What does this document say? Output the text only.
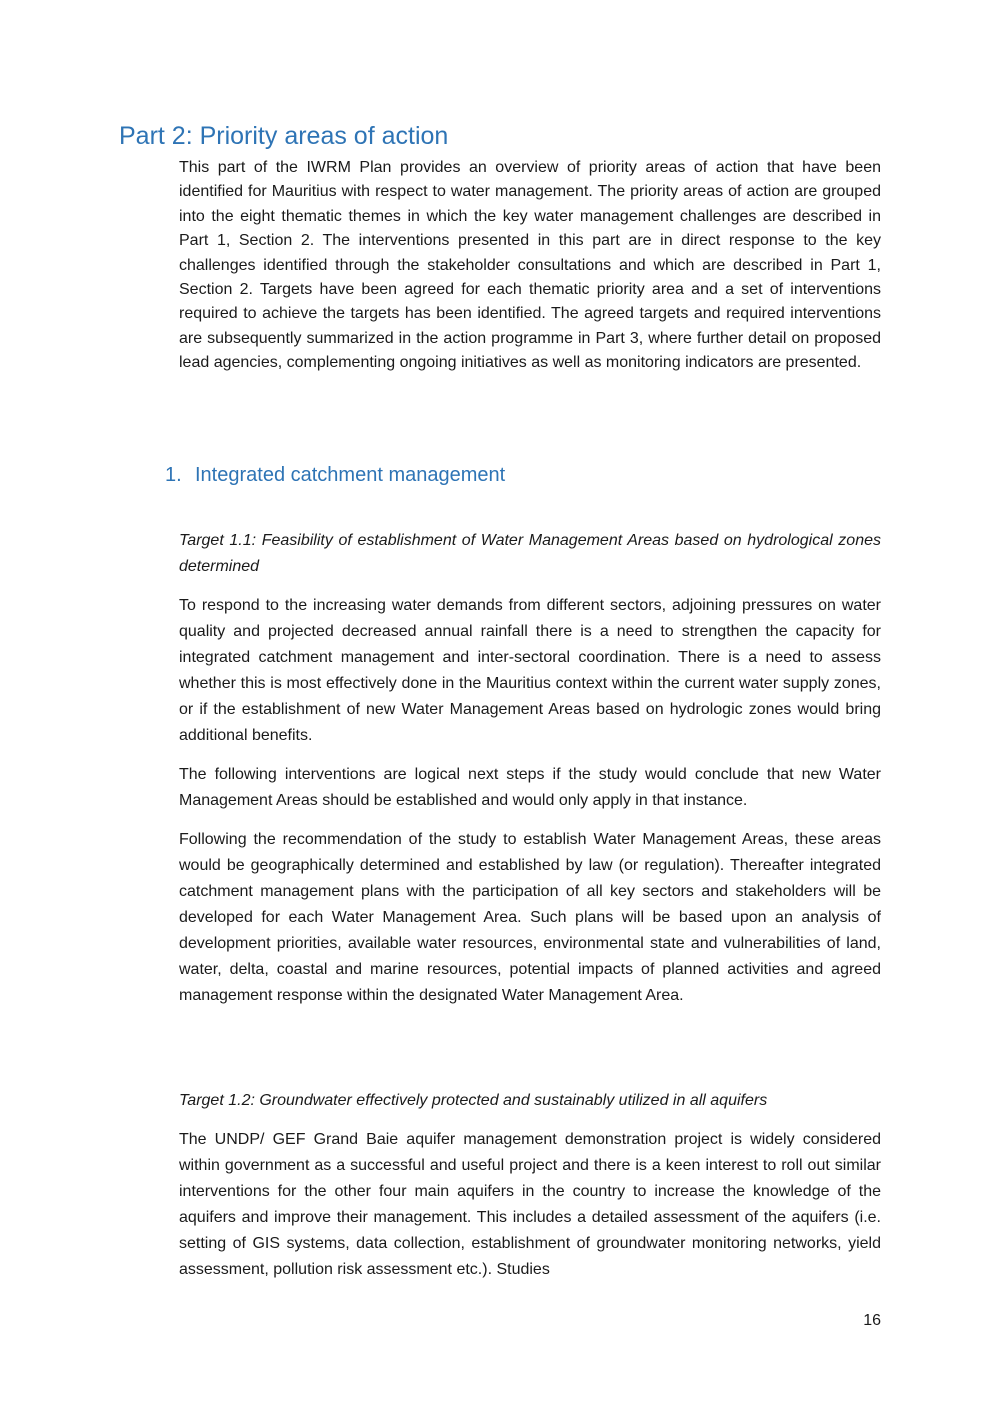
Part 2: Priority areas of action

This part of the IWRM Plan provides an overview of priority areas of action that have been identified for Mauritius with respect to water management. The priority areas of action are grouped into the eight thematic themes in which the key water management challenges are described in Part 1, Section 2. The interventions presented in this part are in direct response to the key challenges identified through the stakeholder consultations and which are described in Part 1, Section 2. Targets have been agreed for each thematic priority area and a set of interventions required to achieve the targets has been identified. The agreed targets and required interventions are subsequently summarized in the action programme in Part 3, where further detail on proposed lead agencies, complementing ongoing initiatives as well as monitoring indicators are presented.

1. Integrated catchment management

Target 1.1: Feasibility of establishment of Water Management Areas based on hydrological zones determined

To respond to the increasing water demands from different sectors, adjoining pressures on water quality and projected decreased annual rainfall there is a need to strengthen the capacity for integrated catchment management and inter-sectoral coordination. There is a need to assess whether this is most effectively done in the Mauritius context within the current water supply zones, or if the establishment of new Water Management Areas based on hydrologic zones would bring additional benefits.

The following interventions are logical next steps if the study would conclude that new Water Management Areas should be established and would only apply in that instance.

Following the recommendation of the study to establish Water Management Areas, these areas would be geographically determined and established by law (or regulation). Thereafter integrated catchment management plans with the participation of all key sectors and stakeholders will be developed for each Water Management Area. Such plans will be based upon an analysis of development priorities, available water resources, environmental state and vulnerabilities of land, water, delta, coastal and marine resources, potential impacts of planned activities and agreed management response within the designated Water Management Area.

Target 1.2: Groundwater effectively protected and sustainably utilized in all aquifers

The UNDP/ GEF Grand Baie aquifer management demonstration project is widely considered within government as a successful and useful project and there is a keen interest to roll out similar interventions for the other four main aquifers in the country to increase the knowledge of the aquifers and improve their management. This includes a detailed assessment of the aquifers (i.e. setting of GIS systems, data collection, establishment of groundwater monitoring networks, yield assessment, pollution risk assessment etc.). Studies

16
